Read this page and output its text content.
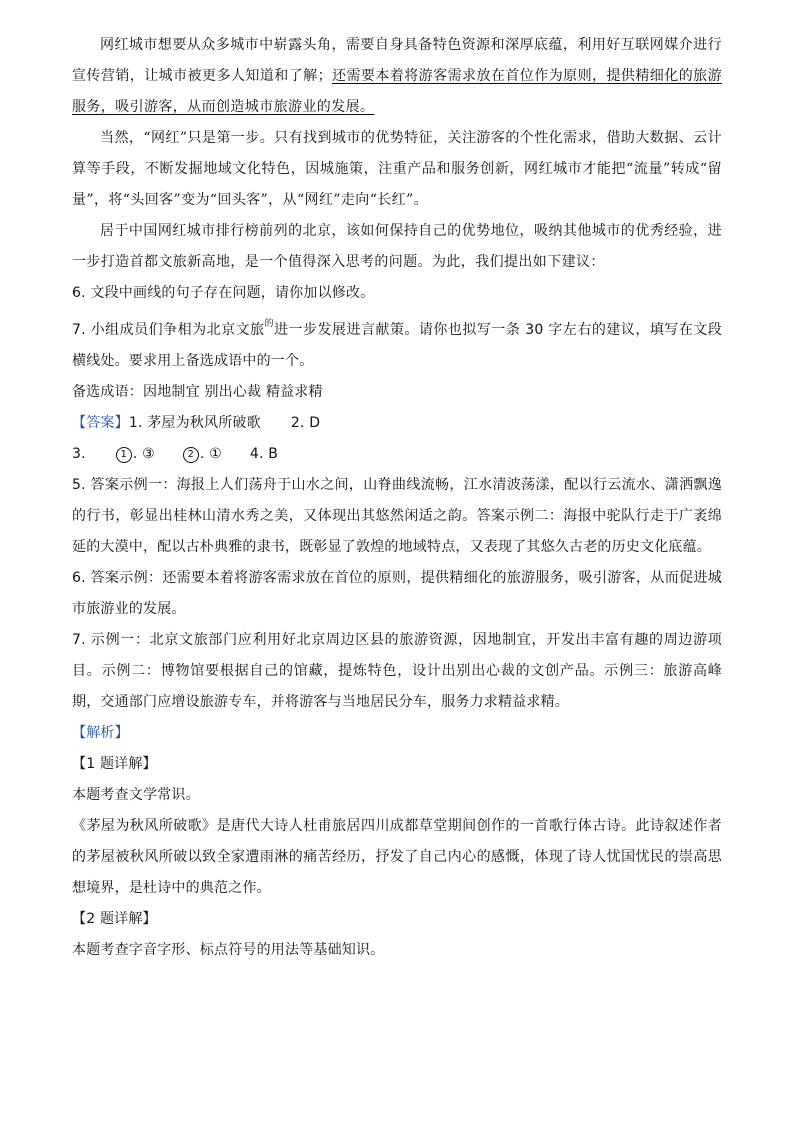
网红城市想要从众多城市中崭露头角，需要自身具备特色资源和深厚底蕴，利用好互联网媒介进行宣传营销，让城市被更多人知道和了解；还需要本着将游客需求放在首位作为原则，提供精细化的旅游服务，吸引游客，从而创造城市旅游业的发展。

当然，“网红”只是第一步。只有找到城市的优势特征，关注游客的个性化需求，借助大数据、云计算等手段，不断发掘地域文化特色，因城施策，注重产品和服务创新，网红城市才能把“流量”转成“留量”，将“头回客”变为“回头客”，从“网红”走向“长红”。

居于中国网红城市排行榜前列的北京，该如何保持自己的优势地位，吸纳其他城市的优秀经验，进一步打造首都文旅新高地，是一个值得深入思考的问题。为此，我们提出如下建议：

6. 文段中画线的句子存在问题，请你加以修改。

7. 小组成员们争相为北京文旅$^的$进一步发展进言献策。请你也拟写一条 30 字左右的建议，填写在文段横线处。要求用上备选成语中的一个。

备选成语：因地制宜 别出心裁 精益求精

【答案】1. 茅屋为秋风所破歌 2. D

3.	1 . ③	2 . ① 4. B

5. 答案示例一：海报上人们荡舟于山水之间，山脊曲线流畅，江水清波荡漾，配以行云流水、潇洒飘逸的行书，彰显出桂林山清水秀之美，又体现出其悠然闲适之韵。答案示例二：海报中驼队行走于广袤绵延的大漠中，配以古朴典雅的隶书，既彰显了敦煌的地域特点，又表现了其悠久古老的历史文化底蕴。

6. 答案示例：还需要本着将游客需求放在首位的原则，提供精细化的旅游服务，吸引游客，从而促进城市旅游业的发展。

7. 示例一：北京文旅部门应利用好北京周边区县的旅游资源，因地制宜，开发出丰富有趣的周边游项目。示例二：博物馆要根据自己的馆藏，提炼特色，设计出别出心裁的文创产品。示例三：旅游高峰期，交通部门应增设旅游专车，并将游客与当地居民分车，服务力求精益求精。

【解析】

【1 题详解】

本题考查文学常识。

《茅屋为秋风所破歌》是唐代大诗人杜甫旅居四川成都草堂期间创作的一首歌行体古诗。此诗叙述作者的茅屋被秋风所破以致全家遭雨淋的痛苦经历，抒发了自己内心的感慨，体现了诗人忧国忧民的崇高思想境界，是杜诗中的典范之作。

【2 题详解】

本题考查字音字形、标点符号的用法等基础知识。
